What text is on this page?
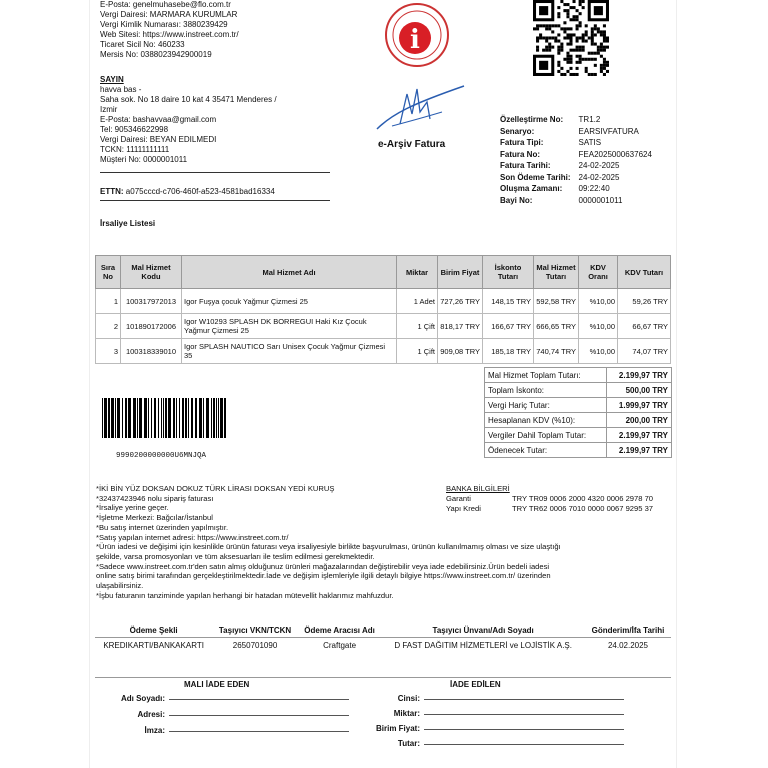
E-Posta: genelmuhasebe@flo.com.tr
Vergi Dairesi: MARMARA KURUMLAR
Vergi Kimlik Numarası: 3880239429
Web Sitesi: https://www.instreet.com.tr/
Ticaret Sicil No: 460233
Mersis No: 0388023942900019
SAYIN
havva bas -
Saha sok. No 18 daire 10 kat 4 35471 Menderes /
Izmir
E-Posta: bashavvaa@gmail.com
Tel: 905346622998
Vergi Dairesi: BEYAN EDILMEDI
TCKN: 11111111111
Müşteri No: 0000001011
ETTN: a075cccd-c706-460f-a523-4581bad16334
i
e-Arşiv Fatura
Özelleştirme No:	TR1.2
Senaryo:	EARSIVFATURA
Fatura Tipi:	SATIS
Fatura No:	FEA2025000637624
Fatura Tarihi:	24-02-2025
Son Ödeme Tarihi:	24-02-2025
Oluşma Zamanı:	09:22:40
Bayi No:	0000001011
İrsaliye Listesi
Sıra No	Mal Hizmet Kodu	Mal Hizmet Adı	Miktar	Birim Fiyat	İskonto Tutarı	Mal Hizmet Tutarı	KDV Oranı	KDV Tutarı
1	100317972013	Igor Fuşya çocuk Yağmur Çizmesi 25	1 Adet	727,26 TRY	148,15 TRY	592,58 TRY	%10,00	59,26 TRY
2	101890172006	Igor W10293 SPLASH DK BORREGUI Haki Kız Çocuk Yağmur Çizmesi 25	1 Çift	818,17 TRY	166,67 TRY	666,65 TRY	%10,00	66,67 TRY
3	100318339010	Igor SPLASH NAUTICO Sarı Unisex Çocuk Yağmur Çizmesi 35	1 Çift	909,08 TRY	185,18 TRY	740,74 TRY	%10,00	74,07 TRY
Mal Hizmet Toplam Tutarı:	2.199,97 TRY
Toplam İskonto:	500,00 TRY
Vergi Hariç Tutar:	1.999,97 TRY
Hesaplanan KDV (%10):	200,00 TRY
Vergiler Dahil Toplam Tutar:	2.199,97 TRY
Ödenecek Tutar:	2.199,97 TRY
9990200000000U6MNJQA
*İKİ BİN YÜZ DOKSAN DOKUZ TÜRK LİRASI DOKSAN YEDİ KURUŞ
*32437423946 nolu sipariş faturası
*İrsaliye yerine geçer.
*İşletme Merkezi: Bağcılar/İstanbul
*Bu satış internet üzerinden yapılmıştır.
*Satış yapılan internet adresi: https://www.instreet.com.tr/
*Ürün iadesi ve değişimi için kesinlikle ürünün faturası veya irsaliyesiyle birlikte başvurulması, ürünün kullanılmamış olması ve size ulaştığı
şekilde, varsa promosyonları ve tüm aksesuarları ile teslim edilmesi gerekmektedir.
*Sadece www.instreet.com.tr'den satın almış olduğunuz ürünleri mağazalarından değiştirebilir veya iade edebilirsiniz.Ürün bedeli iadesi
online satış birimi tarafından gerçekleştirilmektedir.İade ve değişim işlemleriyle ilgili detaylı bilgiye https://www.instreet.com.tr/ üzerinden
ulaşabilirsiniz.
*İşbu faturanın tanziminde yapılan herhangi bir hatadan mütevellit haklarımız mahfuzdur.
BANKA BİLGİLERİ
Garanti	TRY TR09 0006 2000 4320 0006 2978 70
Yapı Kredi	TRY TR62 0006 7010 0000 0067 9295 37
Ödeme Şekli	Taşıyıcı VKN/TCKN	Ödeme Aracısı Adı	Taşıyıcı Ünvanı/Adı Soyadı	Gönderim/İfa Tarihi
KREDIKARTI/BANKAKARTI	2650701090	Craftgate	D FAST DAĞITIM HİZMETLERİ ve LOJİSTİK A.Ş.	24.02.2025
MALI İADE EDEN	İADE EDİLEN
Adı Soyadı:
Adresi:
İmza:
Cinsi:
Miktar:
Birim Fiyat:
Tutar:
